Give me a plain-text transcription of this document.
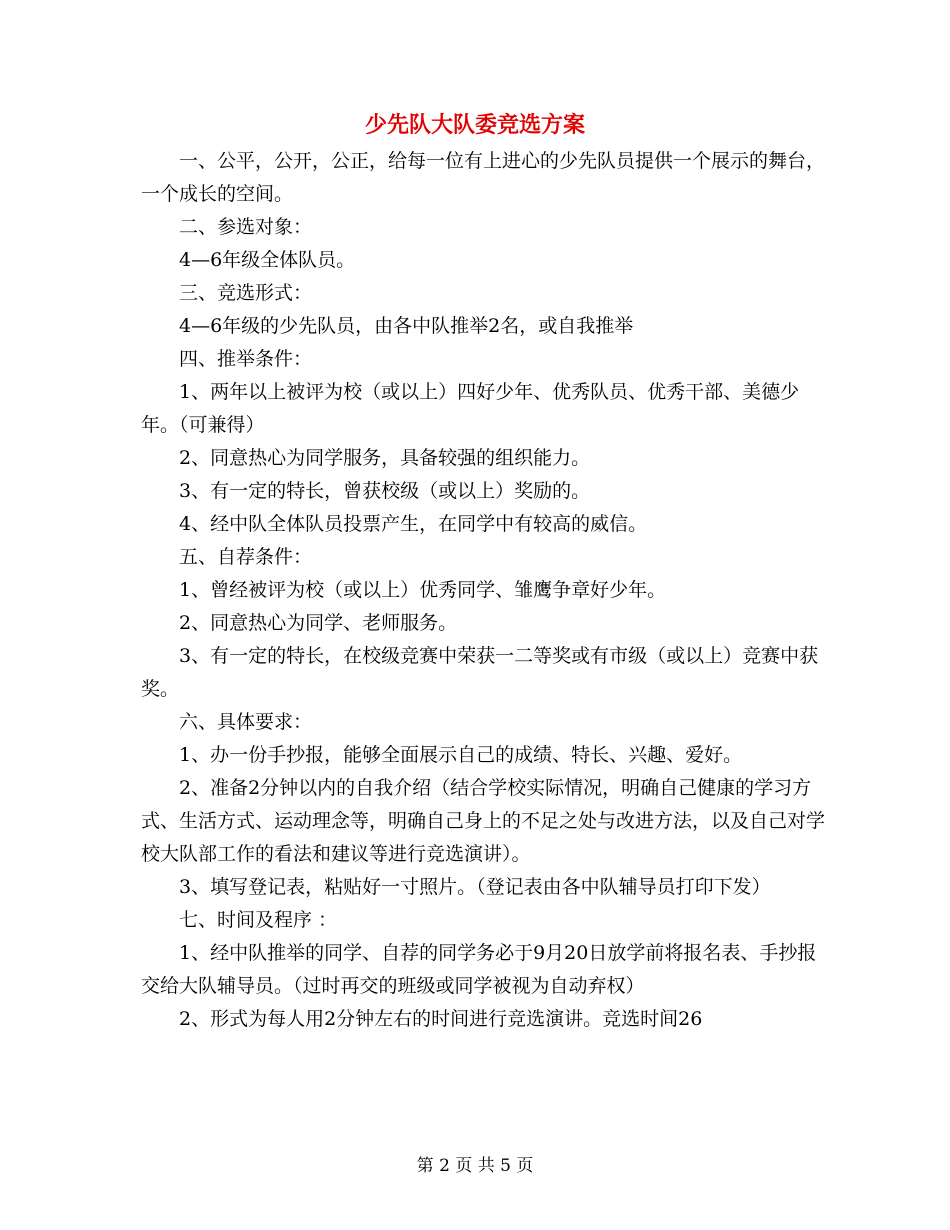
少先队大队委竞选方案

一、公平，公开，公正，给每一位有上进心的少先队员提供一个展示的舞台，一个成长的空间。

二、参选对象：

4—6年级全体队员。

三、竞选形式：

4—6年级的少先队员，由各中队推举2名，或自我推举

四、推举条件：

1、两年以上被评为校（或以上）四好少年、优秀队员、优秀干部、美德少年。（可兼得）

2、同意热心为同学服务，具备较强的组织能力。

3、有一定的特长，曾获校级（或以上）奖励的。

4、经中队全体队员投票产生，在同学中有较高的威信。

五、自荐条件：

1、曾经被评为校（或以上）优秀同学、雏鹰争章好少年。

2、同意热心为同学、老师服务。

3、有一定的特长，在校级竞赛中荣获一二等奖或有市级（或以上）竞赛中获奖。

六、具体要求：

1、办一份手抄报，能够全面展示自己的成绩、特长、兴趣、爱好。

2、准备2分钟以内的自我介绍（结合学校实际情况，明确自己健康的学习方式、生活方式、运动理念等，明确自己身上的不足之处与改进方法，以及自己对学校大队部工作的看法和建议等进行竞选演讲）。

3、填写登记表，粘贴好一寸照片。（登记表由各中队辅导员打印下发）

七、时间及程序 ：

1、经中队推举的同学、自荐的同学务必于9月20日放学前将报名表、手抄报交给大队辅导员。（过时再交的班级或同学被视为自动弃权）

2、形式为每人用2分钟左右的时间进行竞选演讲。竞选时间26

第 2 页 共 5 页
